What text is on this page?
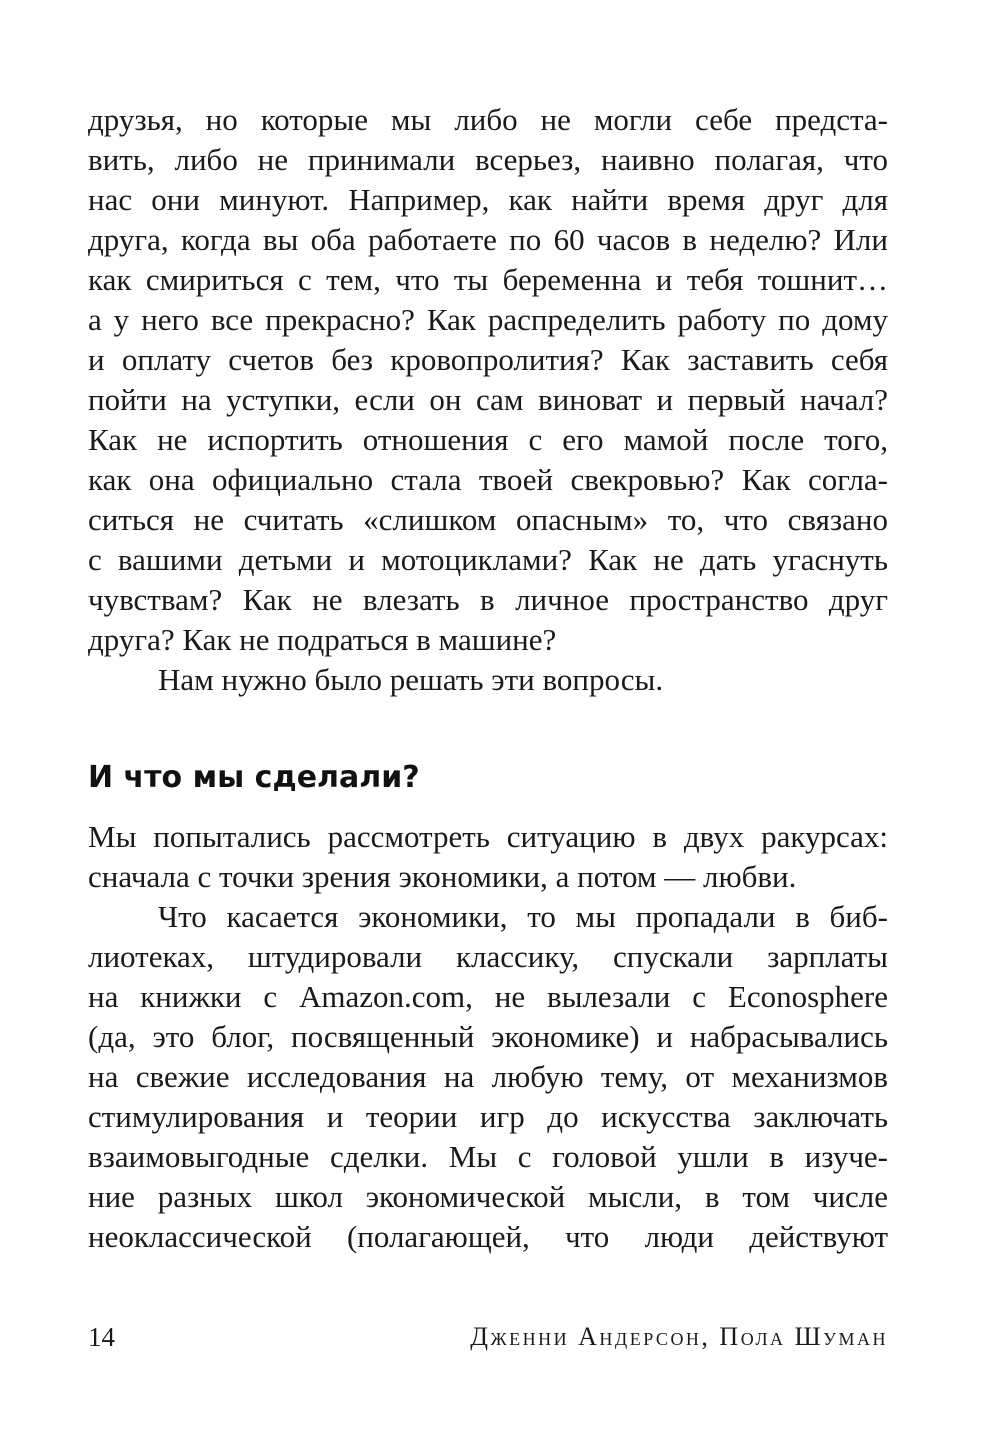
друзья, но которые мы либо не могли себе предста-
вить, либо не принимали всерьез, наивно полагая, что
нас они минуют. Например, как найти время друг для
друга, когда вы оба работаете по 60 часов в неделю? Или
как смириться с тем, что ты беременна и тебя тошнит…
а у него все прекрасно? Как распределить работу по дому
и оплату счетов без кровопролития? Как заставить себя
пойти на уступки, если он сам виноват и первый начал?
Как не испортить отношения с его мамой после того,
как она официально стала твоей свекровью? Как согла-
ситься не считать «слишком опасным» то, что связано
с вашими детьми и мотоциклами? Как не дать угаснуть
чувствам? Как не влезать в личное пространство друг
друга? Как не подраться в машине?
Нам нужно было решать эти вопросы.
И что мы сделали?
Мы попытались рассмотреть ситуацию в двух ракурсах:
сначала с точки зрения экономики, а потом — любви.
Что касается экономики, то мы пропадали в биб-
лиотеках, штудировали классику, спускали зарплаты
на книжки с Amazon.com, не вылезали с Econosphere
(да, это блог, посвященный экономике) и набрасывались
на свежие исследования на любую тему, от механизмов
стимулирования и теории игр до искусства заключать
взаимовыгодные сделки. Мы с головой ушли в изуче-
ние разных школ экономической мысли, в том числе
неоклассической (полагающей, что люди действуют
14	Дженни Андерсон, Пола Шуман
